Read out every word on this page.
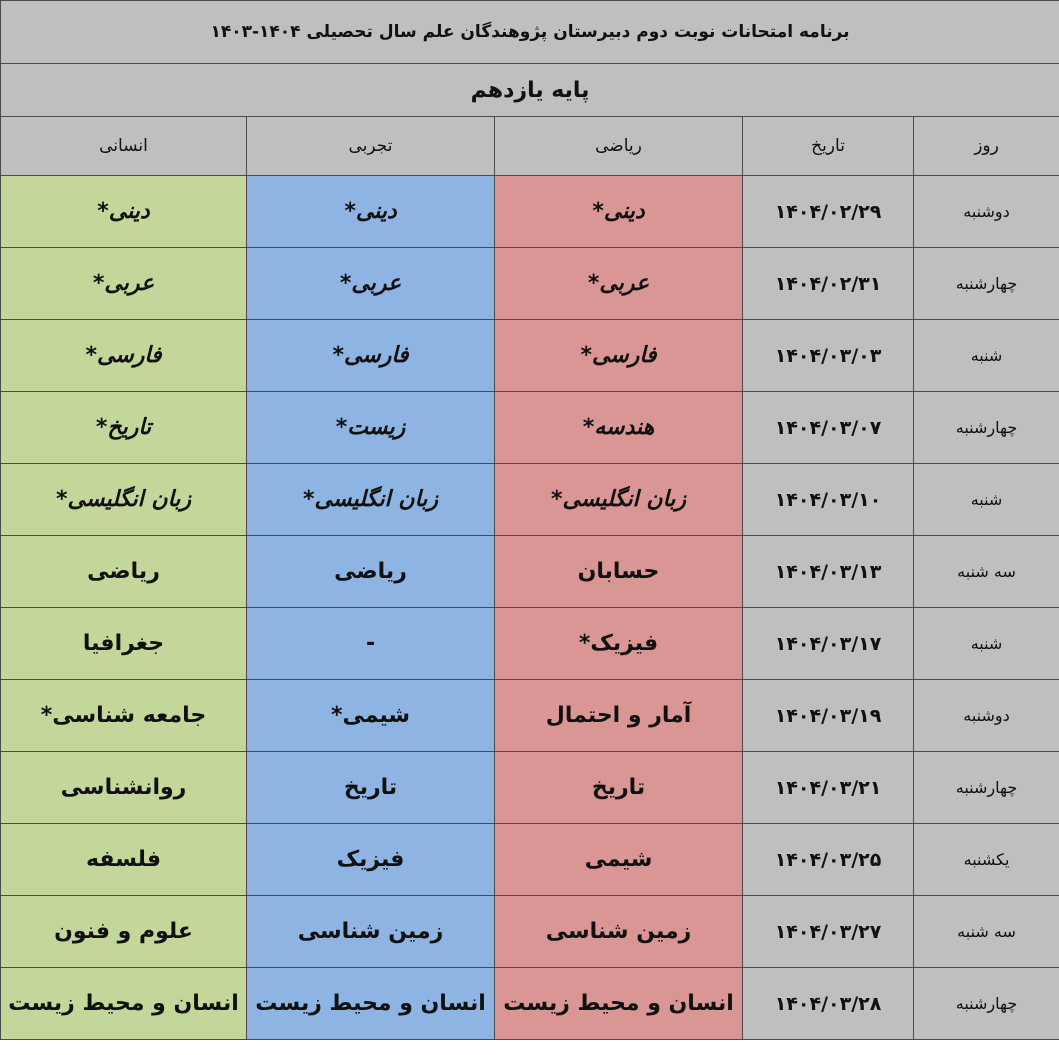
برنامه امتحانات نوبت دوم دبیرستان پژوهندگان علم سال تحصیلی ۱۴۰۴-۱۴۰۳				
پایه یازدهم				
روز	تاریخ	ریاضی	تجربی	انسانی
دوشنبه	۱۴۰۴/۰۲/۲۹	دینی*	دینی*	دینی*
چهارشنبه	۱۴۰۴/۰۲/۳۱	عربی*	عربی*	عربی*
شنبه	۱۴۰۴/۰۳/۰۳	فارسی*	فارسی*	فارسی*
چهارشنبه	۱۴۰۴/۰۳/۰۷	هندسه*	زیست*	تاریخ*
شنبه	۱۴۰۴/۰۳/۱۰	زبان انگلیسی*	زبان انگلیسی*	زبان انگلیسی*
سه شنبه	۱۴۰۴/۰۳/۱۳	حسابان	ریاضی	ریاضی
شنبه	۱۴۰۴/۰۳/۱۷	فیزیک*	-	جغرافیا
دوشنبه	۱۴۰۴/۰۳/۱۹	آمار و احتمال	شیمی*	جامعه شناسی*
چهارشنبه	۱۴۰۴/۰۳/۲۱	تاریخ	تاریخ	روانشناسی
یکشنبه	۱۴۰۴/۰۳/۲۵	شیمی	فیزیک	فلسفه
سه شنبه	۱۴۰۴/۰۳/۲۷	زمین شناسی	زمین شناسی	علوم و فنون
چهارشنبه	۱۴۰۴/۰۳/۲۸	انسان و محیط زیست	انسان و محیط زیست	انسان و محیط زیست
